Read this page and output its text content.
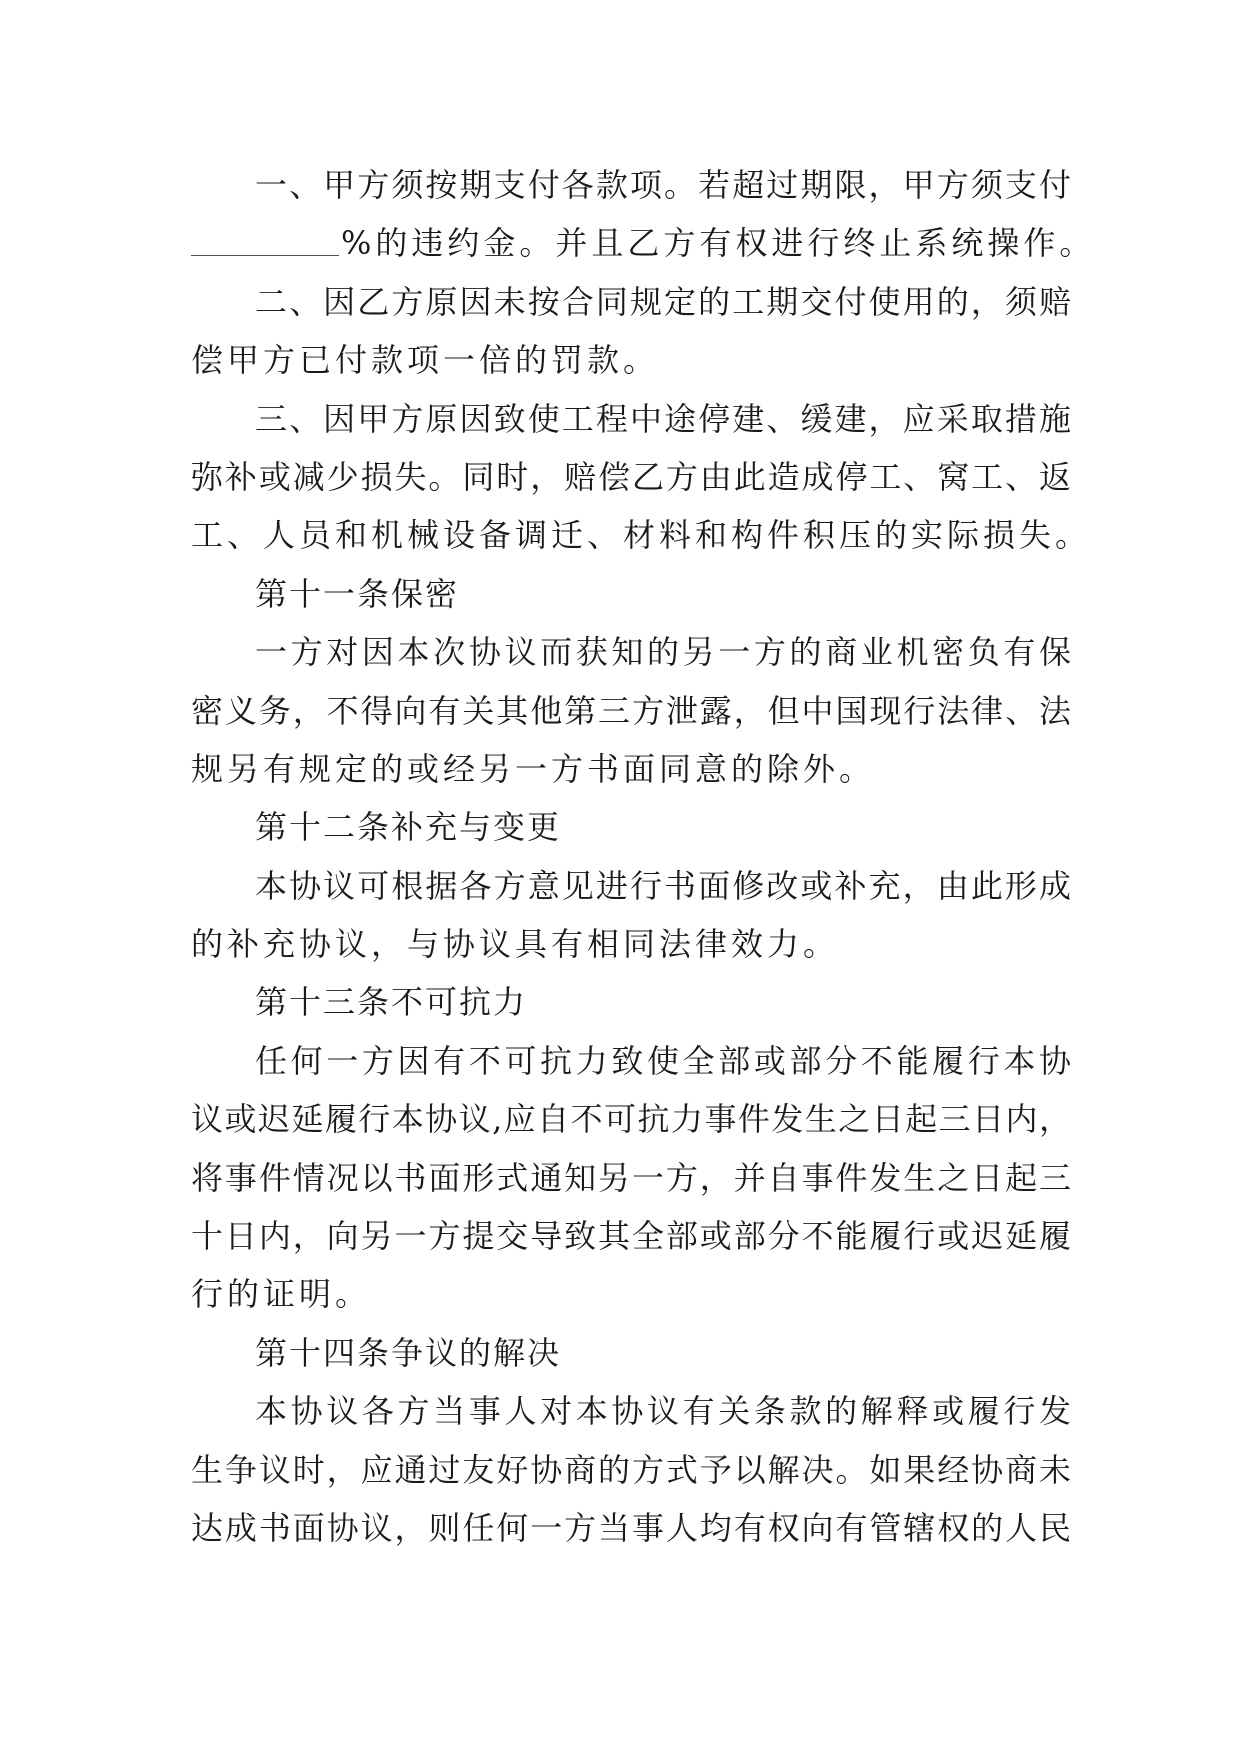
一、甲方须按期支付各款项。若超过期限，甲方须支付
%的违约金。并且乙方有权进行终止系统操作。
二、因乙方原因未按合同规定的工期交付使用的，须赔
偿甲方已付款项一倍的罚款。
三、因甲方原因致使工程中途停建、缓建，应采取措施
弥补或减少损失。同时，赔偿乙方由此造成停工、窝工、返
工、人员和机械设备调迁、材料和构件积压的实际损失。
第十一条保密
一方对因本次协议而获知的另一方的商业机密负有保
密义务，不得向有关其他第三方泄露，但中国现行法律、法
规另有规定的或经另一方书面同意的除外。
第十二条补充与变更
本协议可根据各方意见进行书面修改或补充，由此形成
的补充协议，与协议具有相同法律效力。
第十三条不可抗力
任何一方因有不可抗力致使全部或部分不能履行本协
议或迟延履行本协议,应自不可抗力事件发生之日起三日内，
将事件情况以书面形式通知另一方，并自事件发生之日起三
十日内，向另一方提交导致其全部或部分不能履行或迟延履
行的证明。
第十四条争议的解决
本协议各方当事人对本协议有关条款的解释或履行发
生争议时，应通过友好协商的方式予以解决。如果经协商未
达成书面协议，则任何一方当事人均有权向有管辖权的人民
